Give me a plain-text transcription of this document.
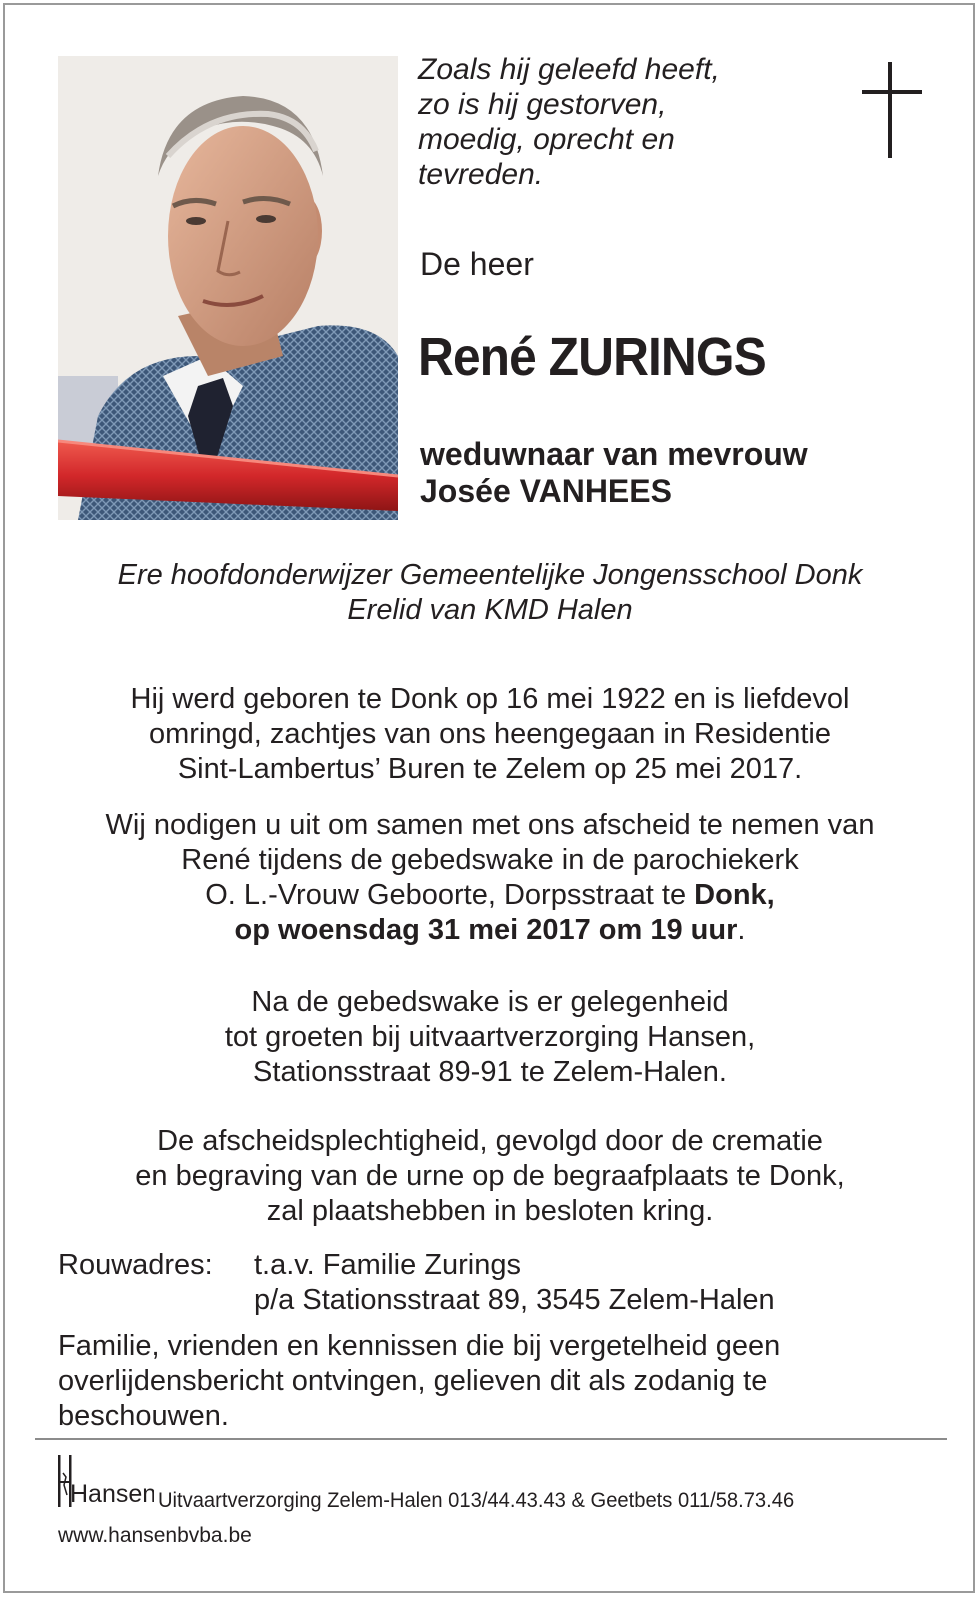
Zoals hij geleefd heeft,
zo is hij gestorven,
moedig, oprecht en
tevreden.
De heer
René ZURINGS
weduwnaar van mevrouw
Josée VANHEES
Ere hoofdonderwijzer Gemeentelijke Jongensschool Donk
Erelid van KMD Halen
Hij werd geboren te Donk op 16 mei 1922 en is liefdevol
omringd, zachtjes van ons heengegaan in Residentie
Sint-Lambertus’ Buren te Zelem op 25 mei 2017.
Wij nodigen u uit om samen met ons afscheid te nemen van
René tijdens de gebedswake in de parochiekerk
O. L.-Vrouw Geboorte, Dorpsstraat te Donk,
op woensdag 31 mei 2017 om 19 uur.
Na de gebedswake is er gelegenheid
tot groeten bij uitvaartverzorging Hansen,
Stationsstraat 89-91 te Zelem-Halen.
De afscheidsplechtigheid, gevolgd door de crematie
en begraving van de urne op de begraafplaats te Donk,
zal plaatshebben in besloten kring.
Rouwadres: t.a.v. Familie Zurings
p/a Stationsstraat 89, 3545 Zelem-Halen
Familie, vrienden en kennissen die bij vergetelheid geen
overlijdensbericht ontvingen, gelieven dit als zodanig te
beschouwen.
Hansen Uitvaartverzorging Zelem-Halen 013/44.43.43 & Geetbets 011/58.73.46
www.hansenbvba.be
